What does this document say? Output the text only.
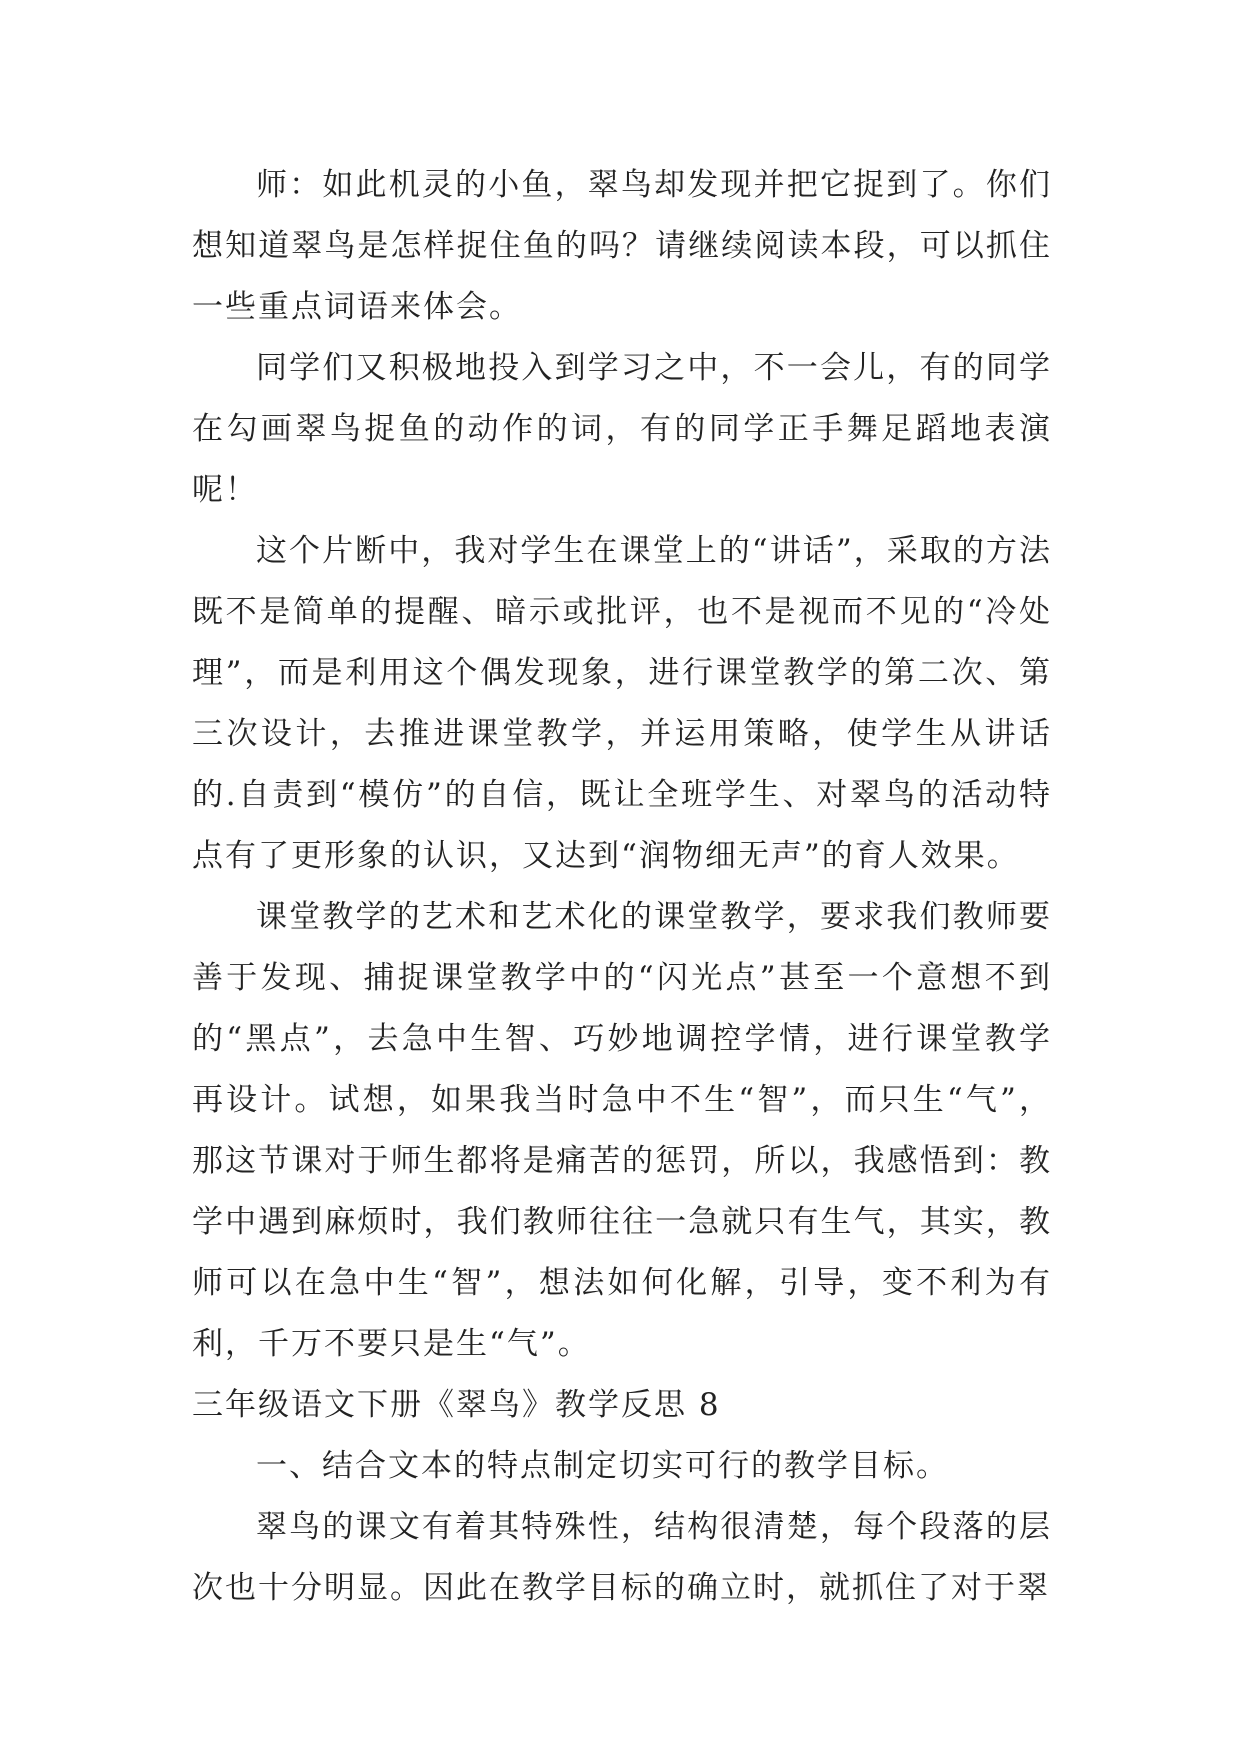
师：如此机灵的小鱼，翠鸟却发现并把它捉到了。你们想知道翠鸟是怎样捉住鱼的吗？请继续阅读本段，可以抓住一些重点词语来体会。

同学们又积极地投入到学习之中，不一会儿，有的同学在勾画翠鸟捉鱼的动作的词，有的同学正手舞足蹈地表演呢！

这个片断中，我对学生在课堂上的“讲话”，采取的方法既不是简单的提醒、暗示或批评，也不是视而不见的“冷处理”，而是利用这个偶发现象，进行课堂教学的第二次、第三次设计，去推进课堂教学，并运用策略，使学生从讲话的.自责到“模仿”的自信，既让全班学生、对翠鸟的活动特点有了更形象的认识，又达到“润物细无声”的育人效果。

课堂教学的艺术和艺术化的课堂教学，要求我们教师要善于发现、捕捉课堂教学中的“闪光点”甚至一个意想不到的“黑点”，去急中生智、巧妙地调控学情，进行课堂教学再设计。试想，如果我当时急中不生“智”，而只生“气”，那这节课对于师生都将是痛苦的惩罚，所以，我感悟到：教学中遇到麻烦时，我们教师往往一急就只有生气，其实，教师可以在急中生“智”，想法如何化解，引导，变不利为有利，千万不要只是生“气”。

三年级语文下册《翠鸟》教学反思 8

一、结合文本的特点制定切实可行的教学目标。

翠鸟的课文有着其特殊性，结构很清楚，每个段落的层次也十分明显。因此在教学目标的确立时，就抓住了对于翠
